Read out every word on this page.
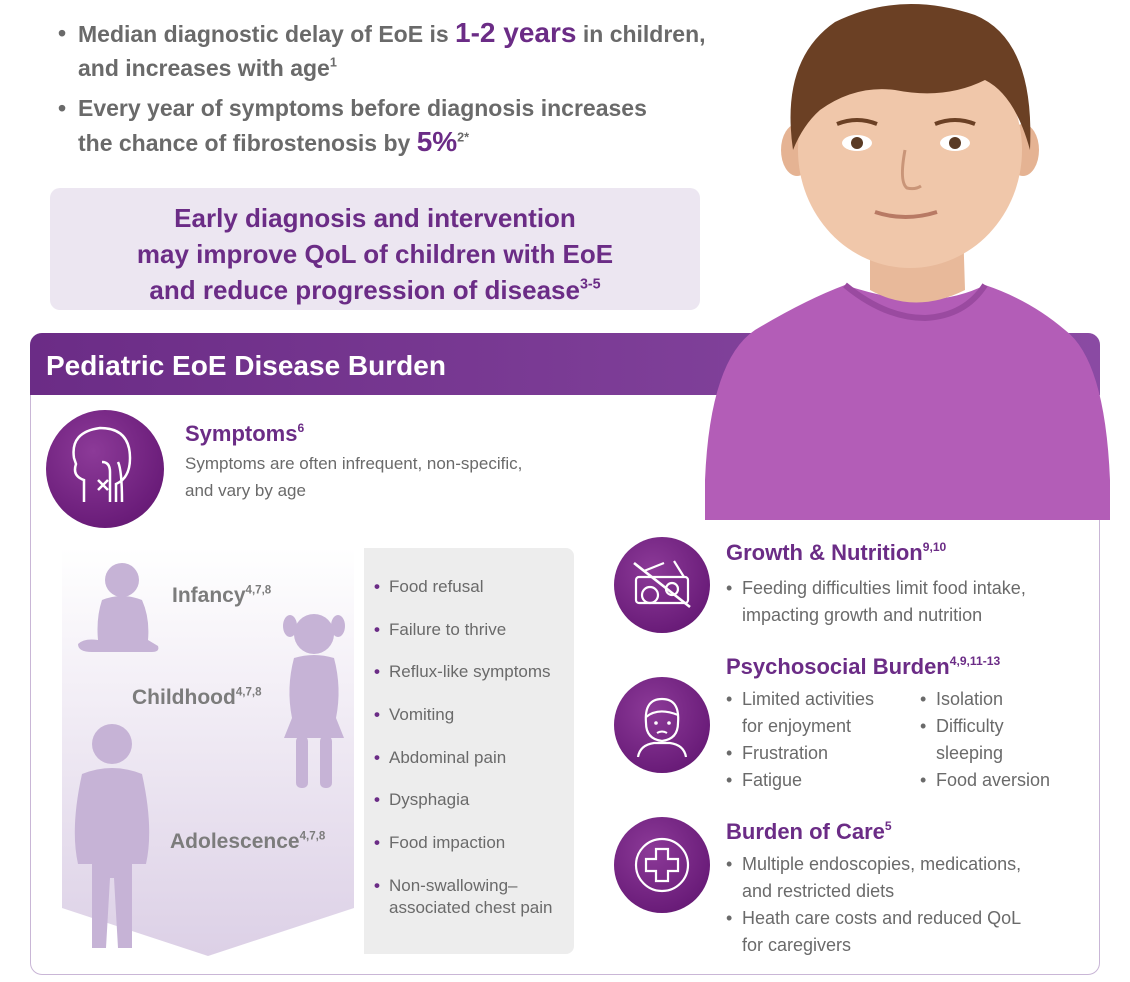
• Median diagnostic delay of EoE is 1-2 years in children,
and increases with age$^1$
• Every year of symptoms before diagnosis increases
the chance of fibrostenosis by 5%$^{2*}$
Early diagnosis and intervention
may improve QoL of children with EoE
and reduce progression of disease$^{3-5}$
Pediatric EoE Disease Burden
Symptoms$^6$
Symptoms are often infrequent, non-specific,
and vary by age
Infancy$^{4,7,8}$
Childhood$^{4,7,8}$
Adolescence$^{4,7,8}$
• Food refusal
• Failure to thrive
• Reflux-like symptoms
• Vomiting
• Abdominal pain
• Dysphagia
• Food impaction
• Non-swallowing–
associated chest pain
Growth & Nutrition$^{9,10}$
• Feeding difficulties limit food intake,
impacting growth and nutrition
Psychosocial Burden$^{4,9,11-13}$
• Limited activities
for enjoyment
• Frustration
• Fatigue
• Isolation
• Difficulty
sleeping
• Food aversion
Burden of Care$^5$
• Multiple endoscopies, medications,
and restricted diets
• Heath care costs and reduced QoL
for caregivers
